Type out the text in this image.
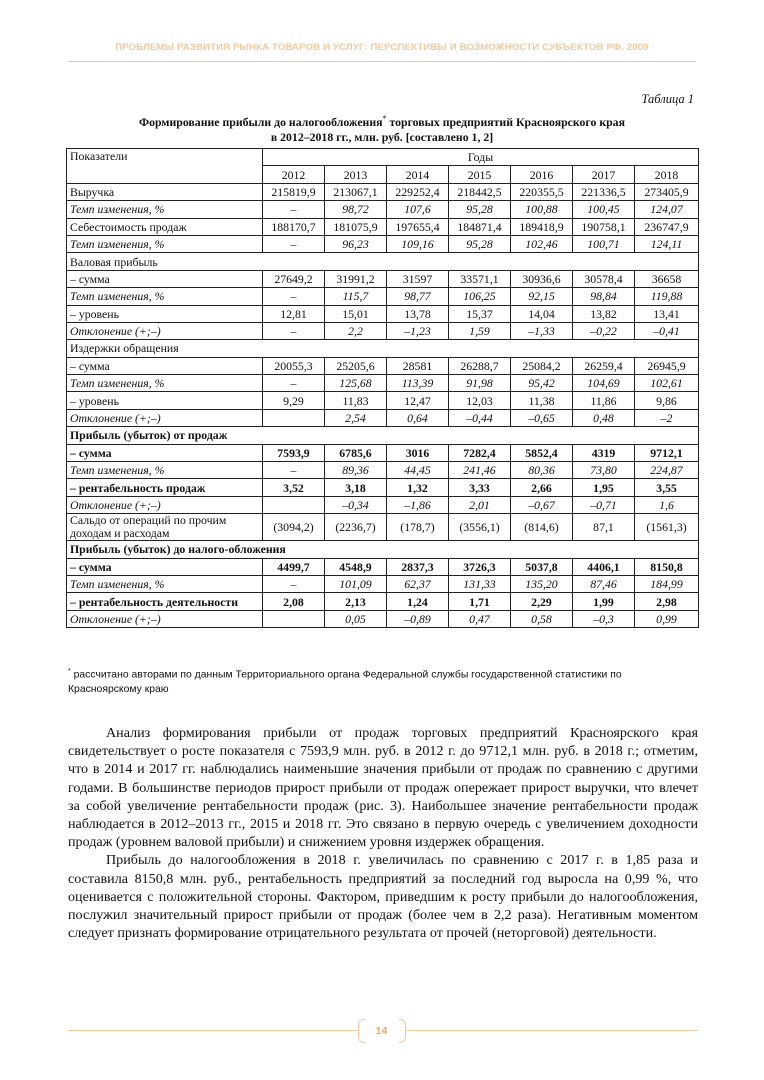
ПРОБЛЕМЫ РАЗВИТИЯ РЫНКА ТОВАРОВ И УСЛУГ: ПЕРСПЕКТИВЫ И ВОЗМОЖНОСТИ СУБЪЕКТОВ РФ. 2009
Таблица 1
Формирование прибыли до налогообложения* торговых предприятий Красноярского края
в 2012–2018 гг., млн. руб. [составлено 1, 2]
Показатели	Годы						
	2012	2013	2014	2015	2016	2017	2018
Выручка	215819,9	213067,1	229252,4	218442,5	220355,5	221336,5	273405,9
Темп изменения, %	–	98,72	107,6	95,28	100,88	100,45	124,07
Себестоимость продаж	188170,7	181075,9	197655,4	184871,4	189418,9	190758,1	236747,9
Темп изменения, %	–	96,23	109,16	95,28	102,46	100,71	124,11
Валовая прибыль							
– сумма	27649,2	31991,2	31597	33571,1	30936,6	30578,4	36658
Темп изменения, %	–	115,7	98,77	106,25	92,15	98,84	119,88
– уровень	12,81	15,01	13,78	15,37	14,04	13,82	13,41
Отклонение (+;–)	–	2,2	–1,23	1,59	–1,33	–0,22	–0,41
Издержки обращения							
– сумма	20055,3	25205,6	28581	26288,7	25084,2	26259,4	26945,9
Темп изменения, %	–	125,68	113,39	91,98	95,42	104,69	102,61
– уровень	9,29	11,83	12,47	12,03	11,38	11,86	9,86
Отклонение (+;–)		2,54	0,64	–0,44	–0,65	0,48	–2
Прибыль (убыток) от продаж							
– сумма	7593,9	6785,6	3016	7282,4	5852,4	4319	9712,1
Темп изменения, %	–	89,36	44,45	241,46	80,36	73,80	224,87
– рентабельность продаж	3,52	3,18	1,32	3,33	2,66	1,95	3,55
Отклонение (+;–)		–0,34	–1,86	2,01	–0,67	–0,71	1,6
Сальдо от операций по прочим доходам и расходам	(3094,2)	(2236,7)	(178,7)	(3556,1)	(814,6)	87,1	(1561,3)
Прибыль (убыток) до налого-обложения							
– сумма	4499,7	4548,9	2837,3	3726,3	5037,8	4406,1	8150,8
Темп изменения, %	–	101,09	62,37	131,33	135,20	87,46	184,99
– рентабельность деятельности	2,08	2,13	1,24	1,71	2,29	1,99	2,98
Отклонение (+;–)		0,05	–0,89	0,47	0,58	–0,3	0,99
* рассчитано авторами по данным Территориального органа Федеральной службы государственной статистики по Красноярскому краю

Анализ формирования прибыли от продаж торговых предприятий Красноярского края свидетельствует о росте показателя с 7593,9 млн. руб. в 2012 г. до 9712,1 млн. руб. в 2018 г.; отметим, что в 2014 и 2017 гг. наблюдались наименьшие значения прибыли от продаж по сравнению с другими годами. В большинстве периодов прирост прибыли от продаж опережает прирост выручки, что влечет за собой увеличение рентабельности продаж (рис. 3). Наибольшее значение рентабельности продаж наблюдается в 2012–2013 гг., 2015 и 2018 гг. Это связано в первую очередь с увеличением доходности продаж (уровнем валовой прибыли) и снижением уровня издержек обращения.

Прибыль до налогообложения в 2018 г. увеличилась по сравнению с 2017 г. в 1,85 раза и составила 8150,8 млн. руб., рентабельность предприятий за последний год выросла на 0,99 %, что оценивается с положительной стороны. Фактором, приведшим к росту прибыли до налогообложения, послужил значительный прирост прибыли от продаж (более чем в 2,2 раза). Негативным моментом следует признать формирование отрицательного результата от прочей (неторговой) деятельности.

14
